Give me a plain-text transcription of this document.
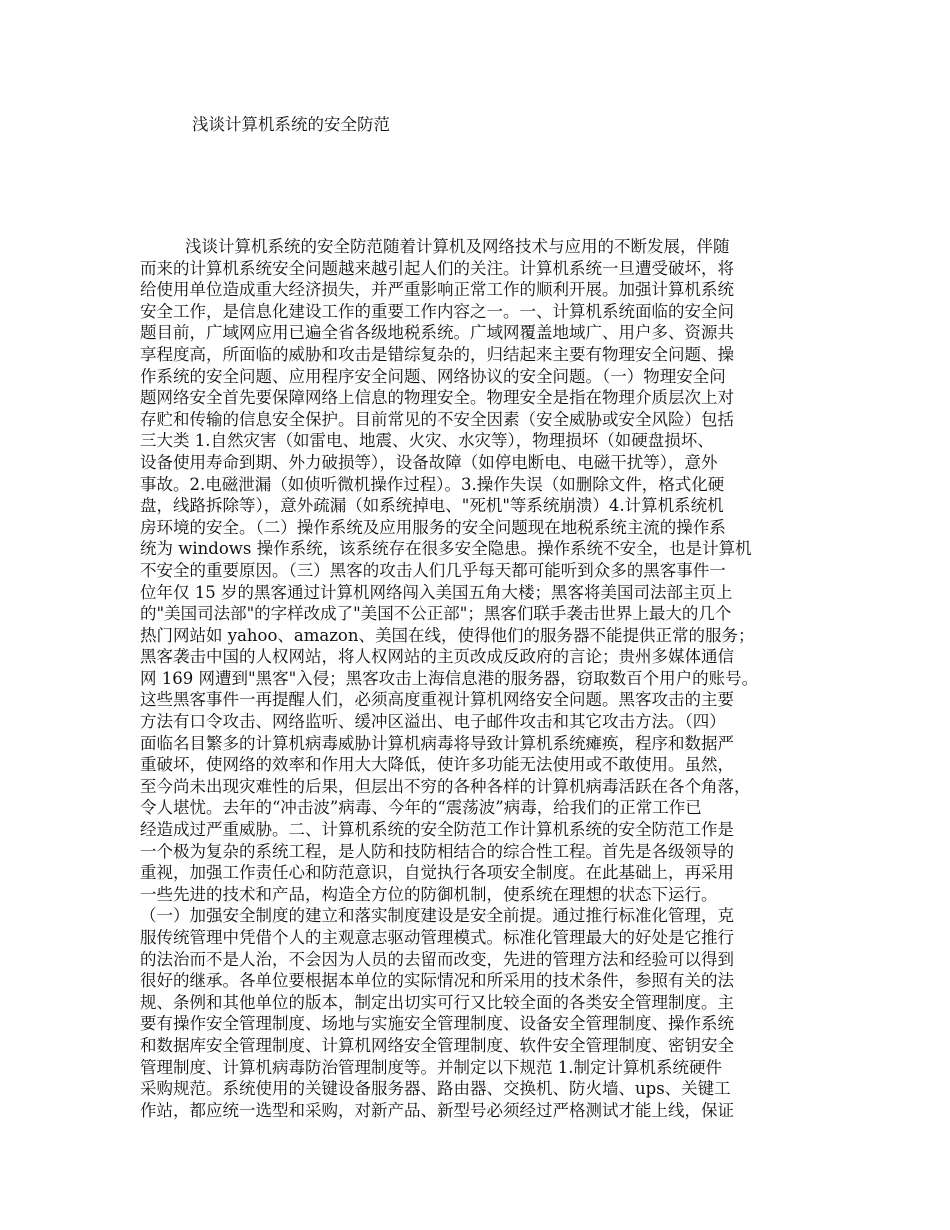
浅谈计算机系统的安全防范
浅谈计算机系统的安全防范随着计算机及网络技术与应用的不断发展，伴随
而来的计算机系统安全问题越来越引起人们的关注。计算机系统一旦遭受破坏，将
给使用单位造成重大经济损失，并严重影响正常工作的顺利开展。加强计算机系统
安全工作，是信息化建设工作的重要工作内容之一。一、计算机系统面临的安全问
题目前，广域网应用已遍全省各级地税系统。广域网覆盖地域广、用户多、资源共
享程度高，所面临的威胁和攻击是错综复杂的，归结起来主要有物理安全问题、操
作系统的安全问题、应用程序安全问题、网络协议的安全问题。（一）物理安全问
题网络安全首先要保障网络上信息的物理安全。物理安全是指在物理介质层次上对
存贮和传输的信息安全保护。目前常见的不安全因素（安全威胁或安全风险）包括
三大类 1.自然灾害（如雷电、地震、火灾、水灾等），物理损坏（如硬盘损坏、
设备使用寿命到期、外力破损等），设备故障（如停电断电、电磁干扰等），意外
事故。2.电磁泄漏（如侦听微机操作过程）。3.操作失误（如删除文件，格式化硬
盘，线路拆除等），意外疏漏（如系统掉电、"死机"等系统崩溃）4.计算机系统机
房环境的安全。（二）操作系统及应用服务的安全问题现在地税系统主流的操作系
统为 windows 操作系统，该系统存在很多安全隐患。操作系统不安全，也是计算机
不安全的重要原因。（三）黑客的攻击人们几乎每天都可能听到众多的黑客事件一
位年仅 15 岁的黑客通过计算机网络闯入美国五角大楼；黑客将美国司法部主页上
的"美国司法部"的字样改成了"美国不公正部"；黑客们联手袭击世界上最大的几个
热门网站如 yahoo、amazon、美国在线，使得他们的服务器不能提供正常的服务；
黑客袭击中国的人权网站，将人权网站的主页改成反政府的言论；贵州多媒体通信
网 169 网遭到"黑客"入侵；黑客攻击上海信息港的服务器，窃取数百个用户的账号。
这些黑客事件一再提醒人们，必须高度重视计算机网络安全问题。黑客攻击的主要
方法有口令攻击、网络监听、缓冲区溢出、电子邮件攻击和其它攻击方法。（四）
面临名目繁多的计算机病毒威胁计算机病毒将导致计算机系统瘫痪，程序和数据严
重破坏，使网络的效率和作用大大降低，使许多功能无法使用或不敢使用。虽然，
至今尚未出现灾难性的后果，但层出不穷的各种各样的计算机病毒活跃在各个角落，
令人堪忧。去年的“冲击波”病毒、今年的“震荡波”病毒，给我们的正常工作已
经造成过严重威胁。二、计算机系统的安全防范工作计算机系统的安全防范工作是
一个极为复杂的系统工程，是人防和技防相结合的综合性工程。首先是各级领导的
重视，加强工作责任心和防范意识，自觉执行各项安全制度。在此基础上，再采用
一些先进的技术和产品，构造全方位的防御机制，使系统在理想的状态下运行。
（一）加强安全制度的建立和落实制度建设是安全前提。通过推行标准化管理，克
服传统管理中凭借个人的主观意志驱动管理模式。标准化管理最大的好处是它推行
的法治而不是人治，不会因为人员的去留而改变，先进的管理方法和经验可以得到
很好的继承。各单位要根据本单位的实际情况和所采用的技术条件，参照有关的法
规、条例和其他单位的版本，制定出切实可行又比较全面的各类安全管理制度。主
要有操作安全管理制度、场地与实施安全管理制度、设备安全管理制度、操作系统
和数据库安全管理制度、计算机网络安全管理制度、软件安全管理制度、密钥安全
管理制度、计算机病毒防治管理制度等。并制定以下规范 1.制定计算机系统硬件
采购规范。系统使用的关键设备服务器、路由器、交换机、防火墙、ups、关键工
作站，都应统一选型和采购，对新产品、新型号必须经过严格测试才能上线，保证
